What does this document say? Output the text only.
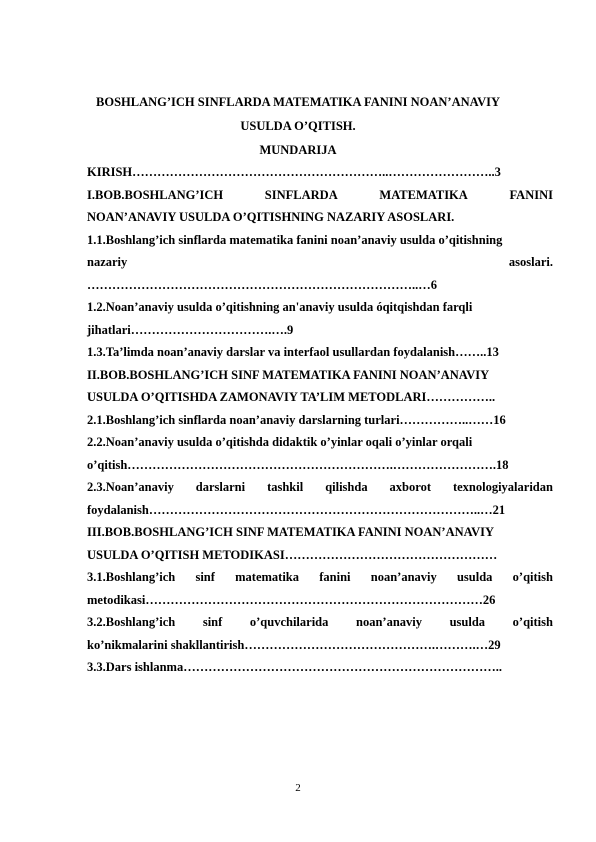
BOSHLANG’ICH SINFLARDA MATEMATIKA FANINI NOAN’ANAVIY
USULDA O’QITISH.
MUNDARIJA
KIRISH……………………………………………………..……………………..3
I.BOB.BOSHLANG’ICH	SINFLARDA	MATEMATIKA	FANINI
NOAN’ANAVIY USULDA O’QITISHNING NAZARIY ASOSLARI.
1.1.Boshlang’ich sinflarda matematika fanini noan’anaviy usulda o’qitishning
nazariy	asoslari.
……………………………………………………………………..…6
1.2.Noan’anaviy usulda o’qitishning an'anaviy usulda óqitqishdan farqli
jihatlari…………………………….….9
1.3.Ta’limda noan’anaviy darslar va interfaol usullardan foydalanish……..13
II.BOB.BOSHLANG’ICH SINF MATEMATIKA FANINI NOAN’ANAVIY
USULDA O’QITISHDA ZAMONAVIY TA’LIM METODLARI……………..
2.1.Boshlang’ich sinflarda noan’anaviy darslarning turlari……………..……16
2.2.Noan’anaviy usulda o’qitishda didaktik o’yinlar oqali o’yinlar orqali
o’qitish……………………………………………………….…………………….18
2.3.Noan’anaviy darslarni tashkil qilishda axborot texnologiyalaridan
foydalanish……………………………………………………………………..…21
III.BOB.BOSHLANG’ICH SINF MATEMATIKA FANINI NOAN’ANAVIY
USULDA O’QITISH METODIKASI……………………………………………
3.1.Boshlang’ich sinf matematika fanini noan’anaviy usulda o’qitish
metodikasi………………………………………………………………………26
3.2.Boshlang’ich sinf o’quvchilarida noan’anaviy usulda o’qitish
ko’nikmalarini shakllantirish……………………………………….……….…29
3.3.Dars ishlanma…………………………………………………………………..
2
